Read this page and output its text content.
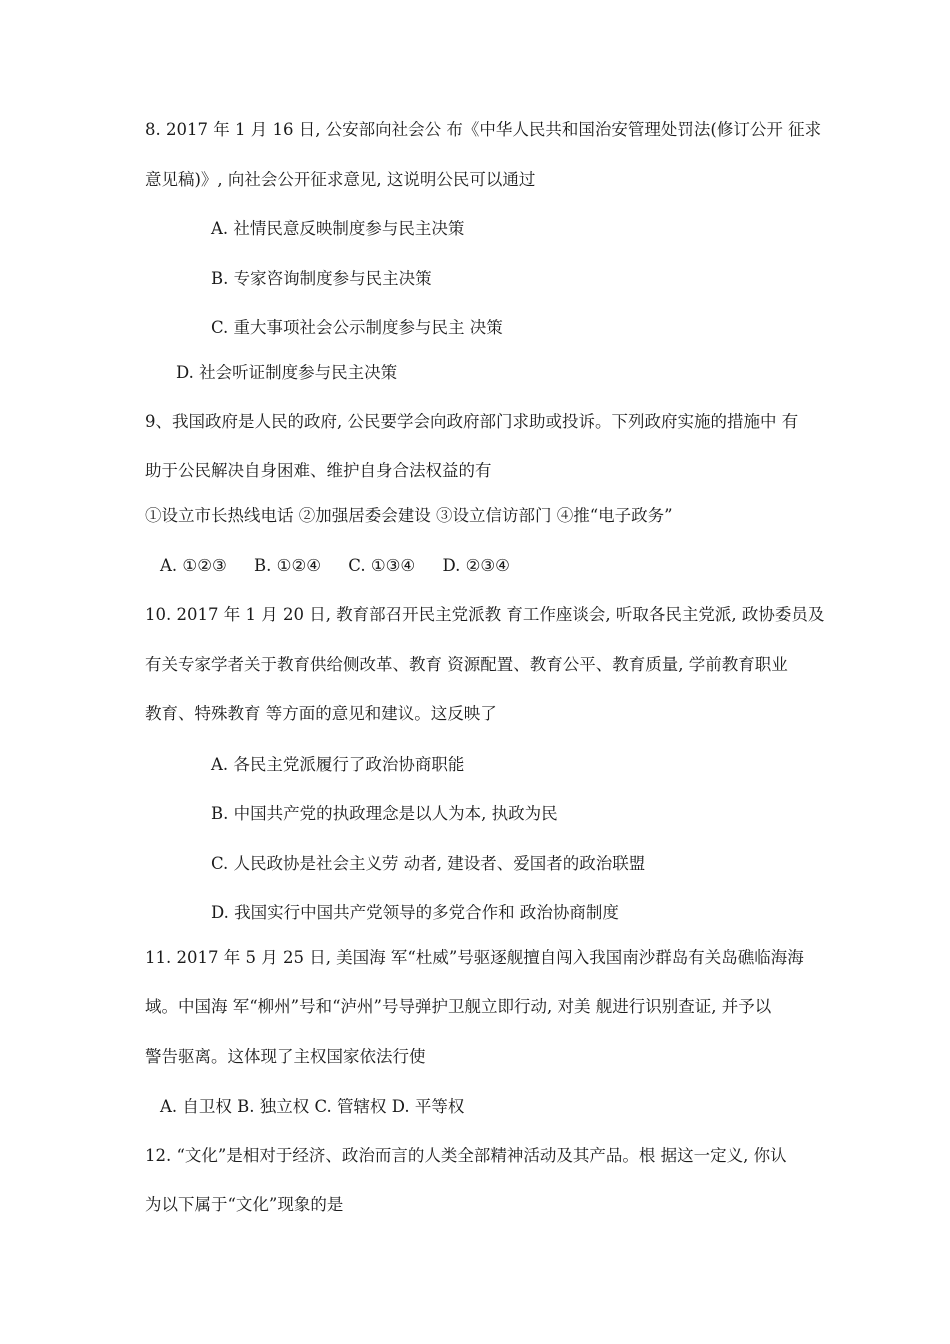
8. 2017 年 1 月 16 日, 公安部向社会公 布《中华人民共和国治安管理处罚法(修订公开 征求
意见稿)》, 向社会公开征求意见, 这说明公民可以通过
A. 社情民意反映制度参与民主决策
B. 专家咨询制度参与民主决策
C. 重大事项社会公示制度参与民主 决策
D. 社会听证制度参与民主决策
9、我国政府是人民的政府, 公民要学会向政府部门求助或投诉。下列政府实施的措施中 有
助于公民解决自身困难、维护自身合法权益的有
①设立市长热线电话 ②加强居委会建设 ③设立信访部门 ④推“电子政务”
A. ①②③ B. ①②④ C. ①③④ D. ②③④
10. 2017 年 1 月 20 日, 教育部召开民主党派教 育工作座谈会, 听取各民主党派, 政协委员及
有关专家学者关于教育供给侧改革、教育 资源配置、教育公平、教育质量, 学前教育职业
教育、特殊教育 等方面的意见和建议。这反映了
A. 各民主党派履行了政治协商职能
B. 中国共产党的执政理念是以人为本, 执政为民
C. 人民政协是社会主义劳 动者, 建设者、爱国者的政治联盟
D. 我国实行中国共产党领导的多党合作和 政治协商制度
11. 2017 年 5 月 25 日, 美国海 军“杜威”号驱逐舰擅自闯入我国南沙群岛有关岛礁临海海
域。中国海 军“柳州”号和“泸州”号导弹护卫舰立即行动, 对美 舰进行识别查证, 并予以
警告驱离。这体现了主权国家依法行使
A. 自卫权 B. 独立权 C. 管辖权 D. 平等权
12. “文化”是相对于经济、政治而言的人类全部精神活动及其产品。根 据这一定义, 你认
为以下属于“文化”现象的是
